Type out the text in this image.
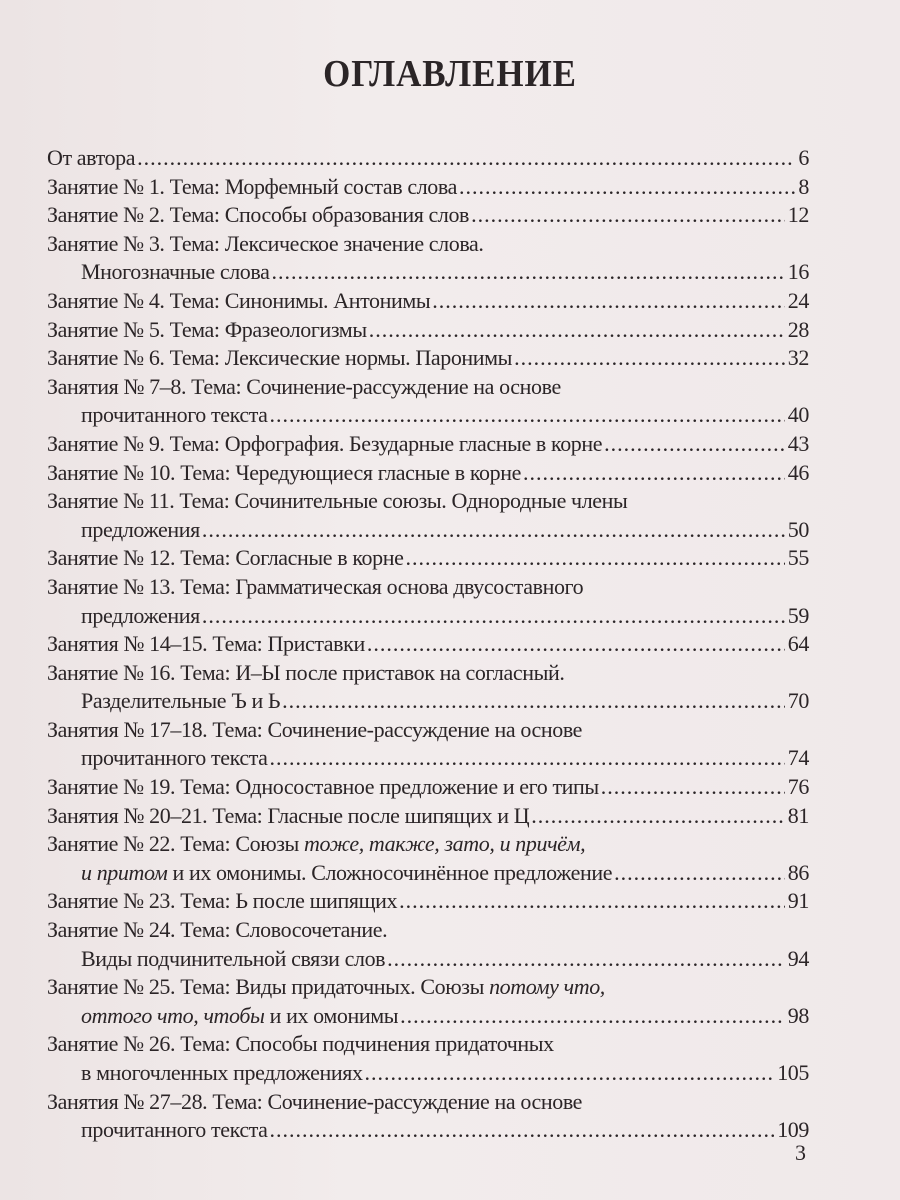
ОГЛАВЛЕНИЕ
От автора .....	6
Занятие № 1. Тема: Морфемный состав слова .....	8
Занятие № 2. Тема: Способы образования слов .....	12
Занятие № 3. Тема: Лексическое значение слова.
Многозначные слова .....	16
Занятие № 4. Тема: Синонимы. Антонимы .....	24
Занятие № 5. Тема: Фразеологизмы .....	28
Занятие № 6. Тема: Лексические нормы. Паронимы .....	32
Занятия № 7–8. Тема: Сочинение-рассуждение на основе
прочитанного текста .....	40
Занятие № 9. Тема: Орфография. Безударные гласные в корне .....	43
Занятие № 10. Тема: Чередующиеся гласные в корне .....	46
Занятие № 11. Тема: Сочинительные союзы. Однородные члены
предложения .....	50
Занятие № 12. Тема: Согласные в корне .....	55
Занятие № 13. Тема: Грамматическая основа двусоставного
предложения .....	59
Занятия № 14–15. Тема: Приставки .....	64
Занятие № 16. Тема: И–Ы после приставок на согласный.
Разделительные Ъ и Ь .....	70
Занятия № 17–18. Тема: Сочинение-рассуждение на основе
прочитанного текста .....	74
Занятие № 19. Тема: Односоставное предложение и его типы .....	76
Занятия № 20–21. Тема: Гласные после шипящих и Ц .....	81
Занятие № 22. Тема: Союзы тоже, также, зато, и причём,
и притом и их омонимы. Сложносочинённое предложение .....	86
Занятие № 23. Тема: Ь после шипящих .....	91
Занятие № 24. Тема: Словосочетание.
Виды подчинительной связи слов .....	94
Занятие № 25. Тема: Виды придаточных. Союзы потому что,
оттого что, чтобы и их омонимы .....	98
Занятие № 26. Тема: Способы подчинения придаточных
в многочленных предложениях .....	105
Занятия № 27–28. Тема: Сочинение-рассуждение на основе
прочитанного текста .....	109
3
